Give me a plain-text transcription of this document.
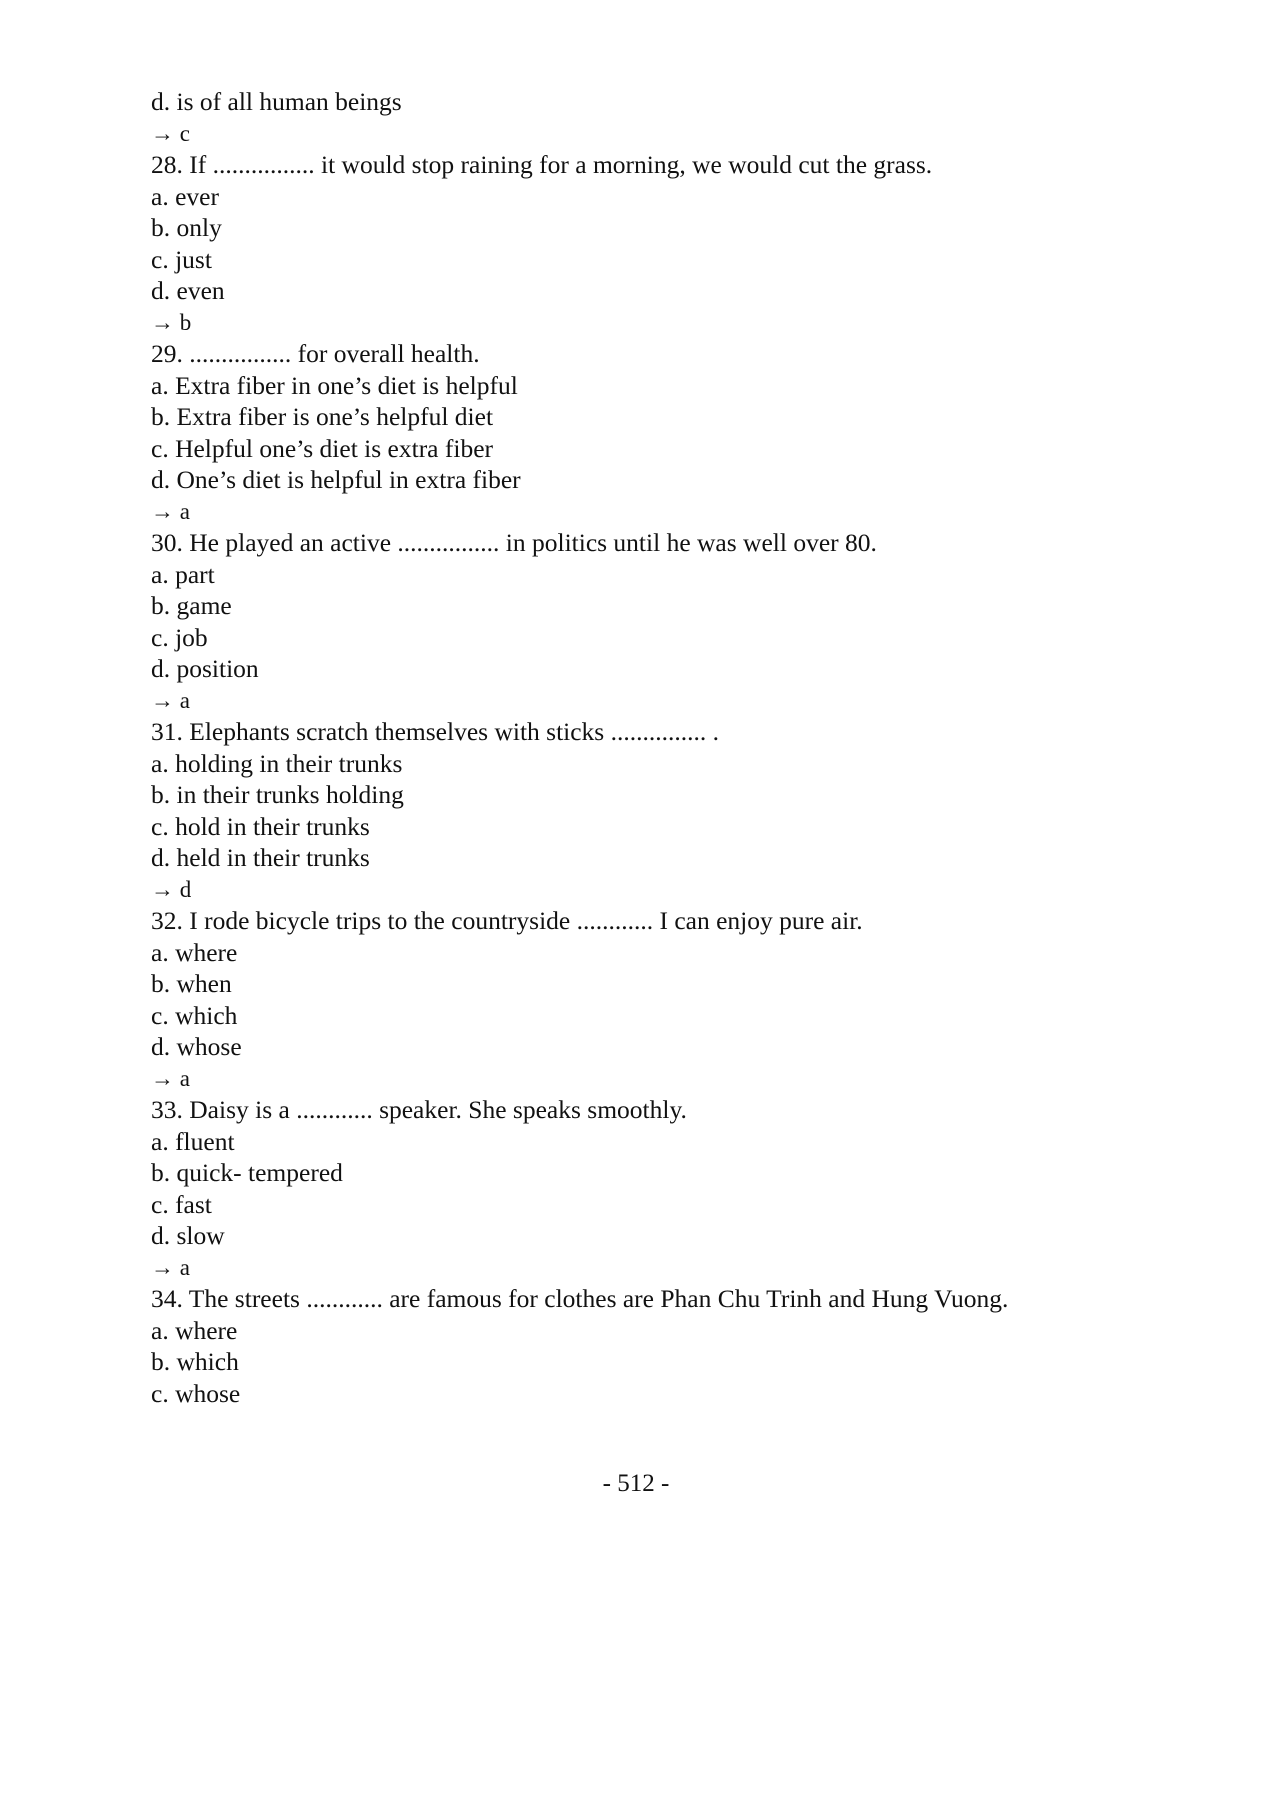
d. is of all human beings
→ c
28. If ................ it would stop raining for a morning, we would cut the grass.
a. ever
b. only
c. just
d. even
→ b
29. ................ for overall health.
a. Extra fiber in one’s diet is helpful
b. Extra fiber is one’s helpful diet
c. Helpful one’s diet is extra fiber
d. One’s diet is helpful in extra fiber
→ a
30. He played an active ................ in politics until he was well over 80.
a. part
b. game
c. job
d. position
→ a
31. Elephants scratch themselves with sticks ............... .
a. holding in their trunks
b. in their trunks holding
c. hold in their trunks
d. held in their trunks
→ d
32. I rode bicycle trips to the countryside ............ I can enjoy pure air.
a. where
b. when
c. which
d. whose
→ a
33. Daisy is a ............ speaker. She speaks smoothly.
a. fluent
b. quick- tempered
c. fast
d. slow
→ a
34. The streets ............ are famous for clothes are Phan Chu Trinh and Hung Vuong.
a. where
b. which
c. whose
- 512 -
